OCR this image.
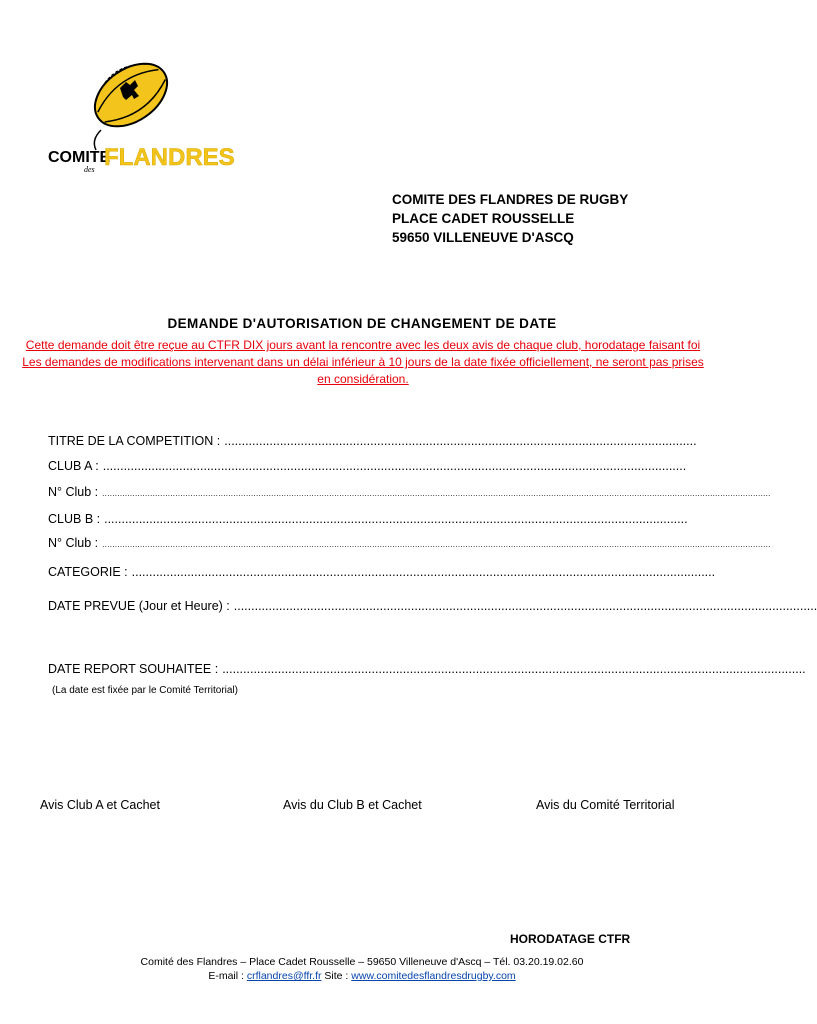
COMITE
des FLANDRES
COMITE DES FLANDRES DE RUGBY
PLACE CADET ROUSSELLE
59650 VILLENEUVE D'ASCQ
DEMANDE D'AUTORISATION DE CHANGEMENT DE DATE
Cette demande doit être reçue au CTFR DIX jours avant la rencontre avec les deux avis de chaque club, horodatage faisant foi
Les demandes de modifications intervenant dans un délai inférieur à 10 jours de la date fixée officiellement, ne seront pas prises
en considération.
TITRE DE LA COMPETITION : ........................................................................................................................................
CLUB A : ........................................................................................................................................................................
N° Club : .........................................................................................................................................................................................................................................................................
CLUB B : ........................................................................................................................................................................
N° Club : .........................................................................................................................................................................................................................................................................
CATEGORIE : ........................................................................................................................................................................
DATE PREVUE (Jour et Heure) : ........................................................................................................................................................................
DATE REPORT SOUHAITEE : ........................................................................................................................................................................
(La date est fixée par le Comité Territorial)
Avis Club A et Cachet	Avis du Club B et Cachet	Avis du Comité Territorial
HORODATAGE CTFR
Comité des Flandres – Place Cadet Rousselle – 59650 Villeneuve d'Ascq – Tél. 03.20.19.02.60
E-mail : crflandres@ffr.fr Site : www.comitedesflandresdrugby.com
